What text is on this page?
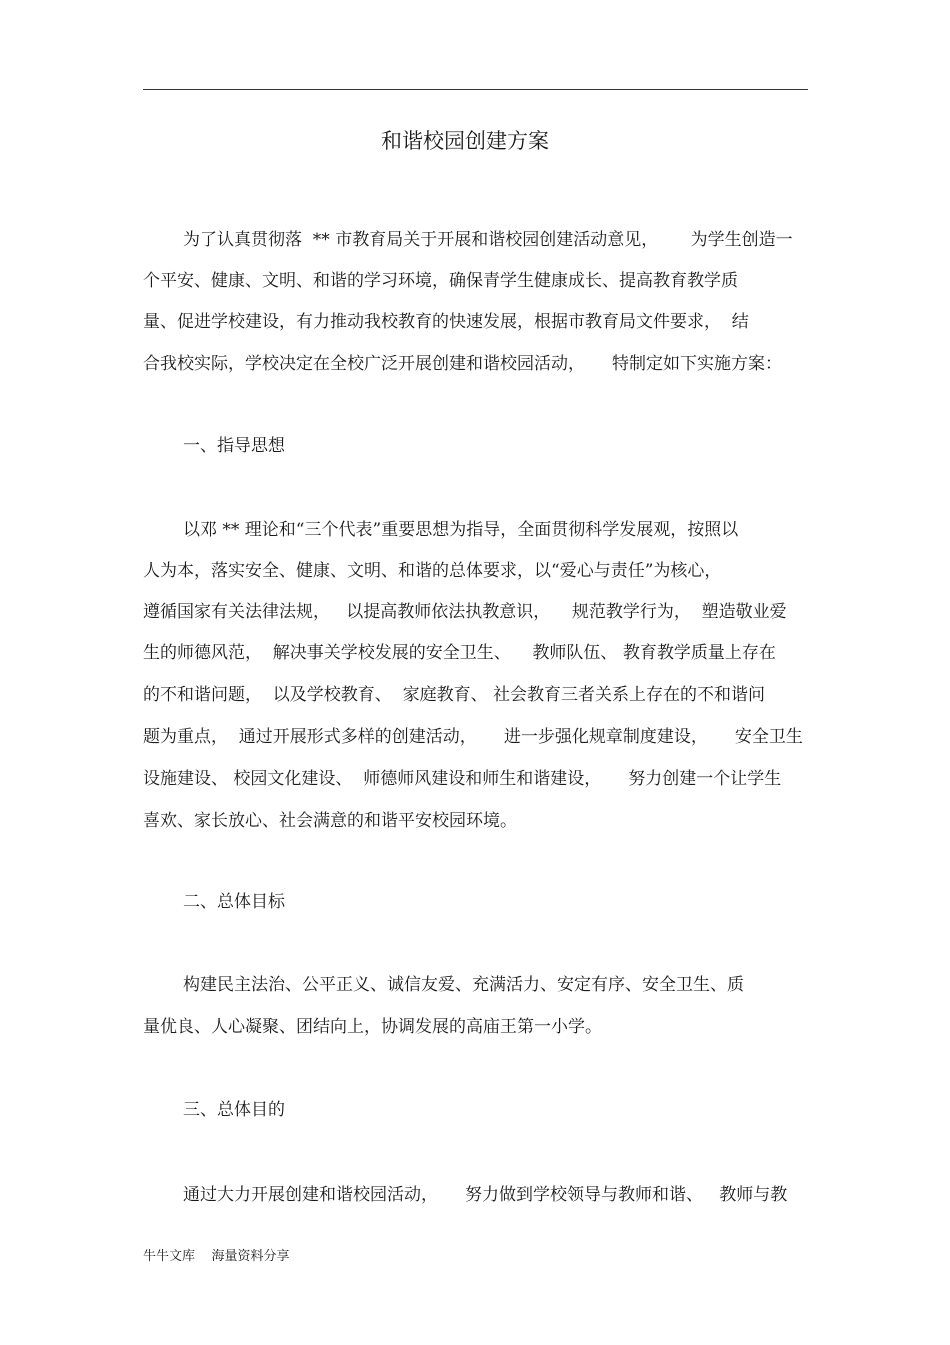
和谐校园创建方案
为了认真贯彻落  ** 市教育局关于开展和谐校园创建活动意见，      为学生创造一
个平安、健康、文明、和谐的学习环境，确保青学生健康成长、提高教育教学质
量、促进学校建设，有力推动我校教育的快速发展，根据市教育局文件要求，  结
合我校实际，学校决定在全校广泛开展创建和谐校园活动，     特制定如下实施方案：
一、指导思想
以邓 ** 理论和“三个代表”重要思想为指导，全面贯彻科学发展观，按照以
人为本，落实安全、健康、文明、和谐的总体要求，以“爱心与责任”为核心，
遵循国家有关法律法规，   以提高教师依法执教意识，    规范教学行为，  塑造敬业爱
生的师德风范，  解决事关学校发展的安全卫生、    教师队伍、 教育教学质量上存在
的不和谐问题，  以及学校教育、  家庭教育、 社会教育三者关系上存在的不和谐问
题为重点，  通过开展形式多样的创建活动，     进一步强化规章制度建设，     安全卫生
设施建设、 校园文化建设、  师德师风建设和师生和谐建设，     努力创建一个让学生
喜欢、家长放心、社会满意的和谐平安校园环境。
二、总体目标
构建民主法治、公平正义、诚信友爱、充满活力、安定有序、安全卫生、质
量优良、人心凝聚、团结向上，协调发展的高庙王第一小学。
三、总体目的
通过大力开展创建和谐校园活动，     努力做到学校领导与教师和谐、   教师与教
牛牛文库    海量资料分享
